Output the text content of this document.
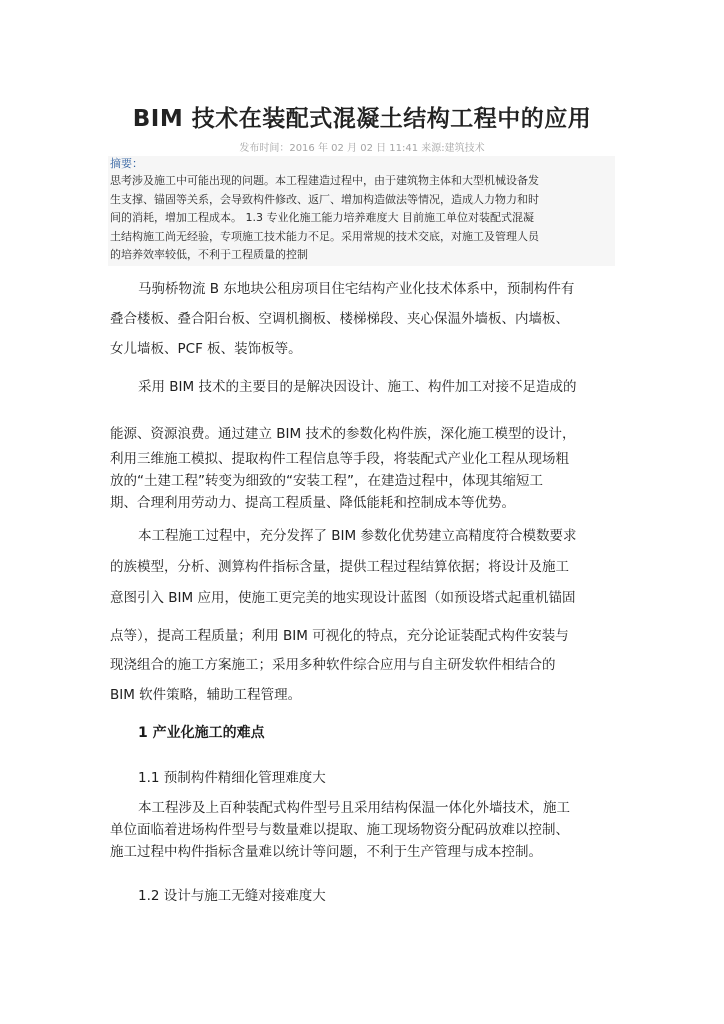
BIM 技术在装配式混凝土结构工程中的应用
发布时间：2016 年 02 月 02 日 11:41 来源:建筑技术
摘要：
思考涉及施工中可能出现的问题。本工程建造过程中，由于建筑物主体和大型机械设备发
生支撑、锚固等关系，会导致构件修改、返厂、增加构造做法等情况，造成人力物力和时
间的消耗，增加工程成本。 1.3 专业化施工能力培养难度大 目前施工单位对装配式混凝
土结构施工尚无经验，专项施工技术能力不足。采用常规的技术交底，对施工及管理人员
的培养效率较低，不利于工程质量的控制
马驹桥物流 B 东地块公租房项目住宅结构产业化技术体系中，预制构件有
叠合楼板、叠合阳台板、空调机搁板、楼梯梯段、夹心保温外墙板、内墙板、
女儿墙板、PCF 板、装饰板等。
采用 BIM 技术的主要目的是解决因设计、施工、构件加工对接不足造成的
能源、资源浪费。通过建立 BIM 技术的参数化构件族，深化施工模型的设计，
利用三维施工模拟、提取构件工程信息等手段，将装配式产业化工程从现场粗
放的“土建工程”转变为细致的“安装工程”，在建造过程中，体现其缩短工
期、合理利用劳动力、提高工程质量、降低能耗和控制成本等优势。
本工程施工过程中，充分发挥了 BIM 参数化优势建立高精度符合模数要求
的族模型，分析、测算构件指标含量，提供工程过程结算依据；将设计及施工
意图引入 BIM 应用，使施工更完美的地实现设计蓝图（如预设塔式起重机锚固
点等），提高工程质量；利用 BIM 可视化的特点，充分论证装配式构件安装与
现浇组合的施工方案施工；采用多种软件综合应用与自主研发软件相结合的
BIM 软件策略，辅助工程管理。
1 产业化施工的难点
1.1 预制构件精细化管理难度大
本工程涉及上百种装配式构件型号且采用结构保温一体化外墙技术，施工
单位面临着进场构件型号与数量难以提取、施工现场物资分配码放难以控制、
施工过程中构件指标含量难以统计等问题，不利于生产管理与成本控制。
1.2 设计与施工无缝对接难度大
